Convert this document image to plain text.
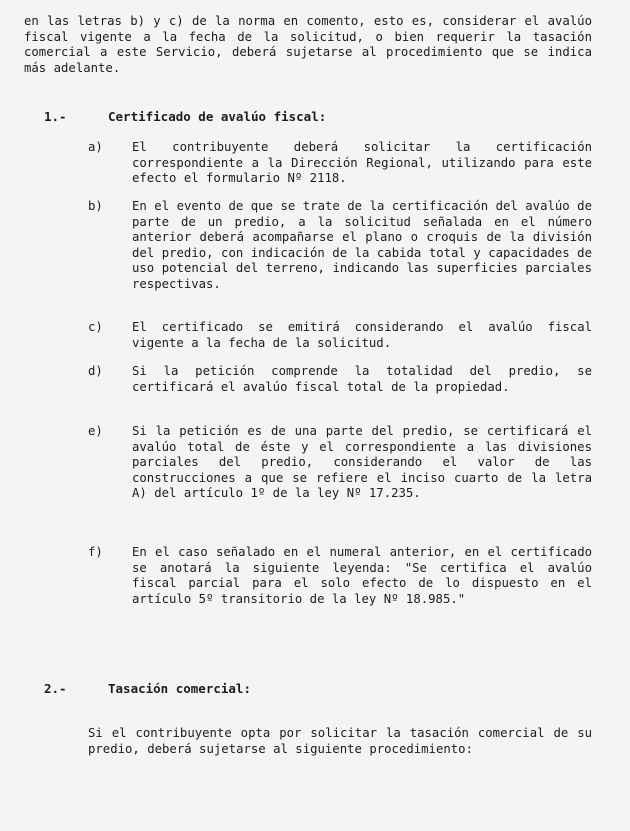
en las letras b) y c) de la norma en comento, esto es, considerar el avalúo fiscal vigente a la fecha de la solicitud, o bien requerir la tasación comercial a este Servicio, deberá sujetarse al procedimiento que se indica más adelante.

1.-	Certificado de avalúo fiscal:
a)	El contribuyente deberá solicitar la certificación correspondiente a la Dirección Regional, utilizando para este efecto el formulario Nº 2118.

b)	En el evento de que se trate de la certificación del avalúo de parte de un predio, a la solicitud señalada en el número anterior deberá acompañarse el plano o croquis de la división del predio, con indicación de la cabida total y capacidades de uso potencial del terreno, indicando las superficies parciales respectivas.

c)	El certificado se emitirá considerando el avalúo fiscal vigente a la fecha de la solicitud.

d)	Si la petición comprende la totalidad del predio, se certificará el avalúo fiscal total de la propiedad.

e)	Si la petición es de una parte del predio, se certificará el avalúo total de éste y el correspondiente a las divisiones parciales del predio, considerando el valor de las construcciones a que se refiere el inciso cuarto de la letra A) del artículo 1º de la ley Nº 17.235.

f)	En el caso señalado en el numeral anterior, en el certificado se anotará la siguiente leyenda: "Se certifica el avalúo fiscal parcial para el solo efecto de lo dispuesto en el artículo 5º transitorio de la ley Nº 18.985."

2.-	Tasación comercial:

Si el contribuyente opta por solicitar la tasación comercial de su predio, deberá sujetarse al siguiente procedimiento:
